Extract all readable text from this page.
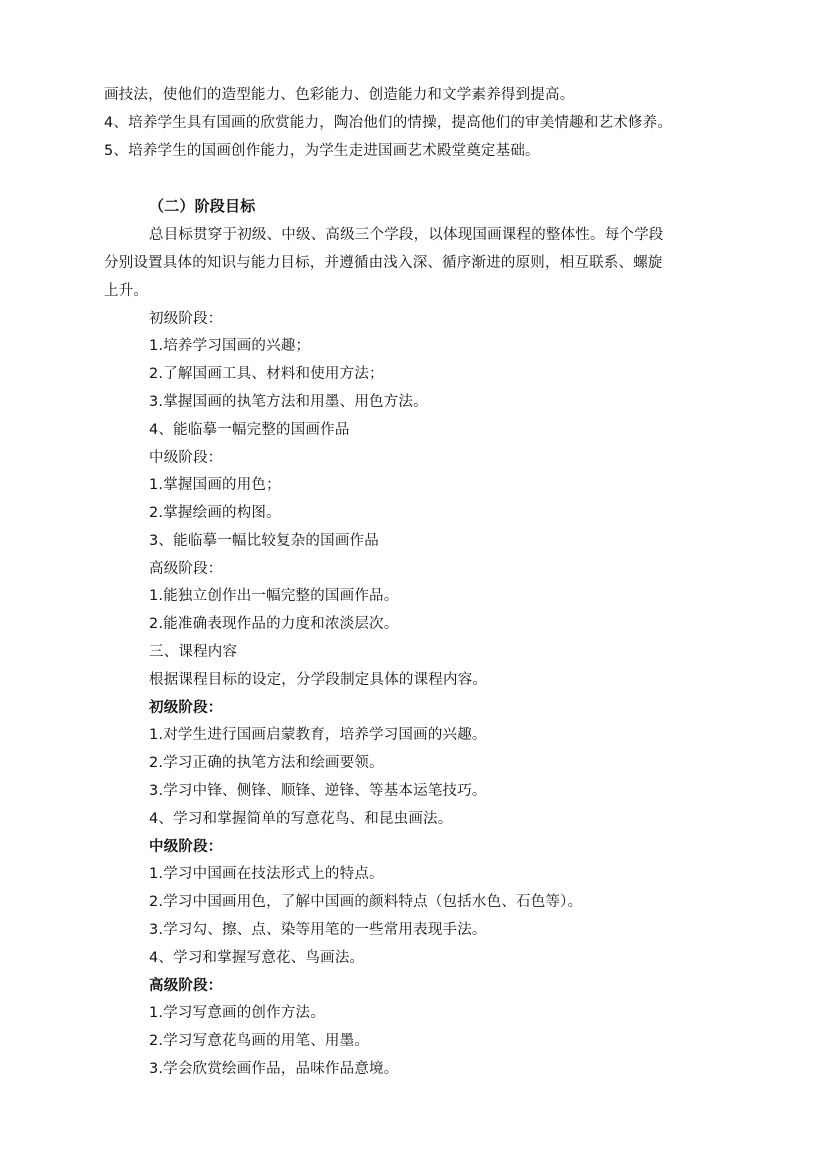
画技法，使他们的造型能力、色彩能力、创造能力和文学素养得到提高。
4、培养学生具有国画的欣赏能力，陶冶他们的情操，提高他们的审美情趣和艺术修养。
5、培养学生的国画创作能力，为学生走进国画艺术殿堂奠定基础。
（二）阶段目标
总目标贯穿于初级、中级、高级三个学段，以体现国画课程的整体性。每个学段
分别设置具体的知识与能力目标，并遵循由浅入深、循序渐进的原则，相互联系、螺旋
上升。
初级阶段：
1.培养学习国画的兴趣；
2.了解国画工具、材料和使用方法；
3.掌握国画的执笔方法和用墨、用色方法。
4、能临摹一幅完整的国画作品
中级阶段：
1.掌握国画的用色；
2.掌握绘画的构图。
3、能临摹一幅比较复杂的国画作品
高级阶段：
1.能独立创作出一幅完整的国画作品。
2.能准确表现作品的力度和浓淡层次。
三、课程内容
根据课程目标的设定，分学段制定具体的课程内容。
初级阶段：
1.对学生进行国画启蒙教育，培养学习国画的兴趣。
2.学习正确的执笔方法和绘画要领。
3.学习中锋、侧锋、顺锋、逆锋、等基本运笔技巧。
4、学习和掌握简单的写意花鸟、和昆虫画法。
中级阶段：
1.学习中国画在技法形式上的特点。
2.学习中国画用色，了解中国画的颜料特点（包括水色、石色等）。
3.学习勾、擦、点、染等用笔的一些常用表现手法。
4、学习和掌握写意花、鸟画法。
高级阶段：
1.学习写意画的创作方法。
2.学习写意花鸟画的用笔、用墨。
3.学会欣赏绘画作品，品味作品意境。
